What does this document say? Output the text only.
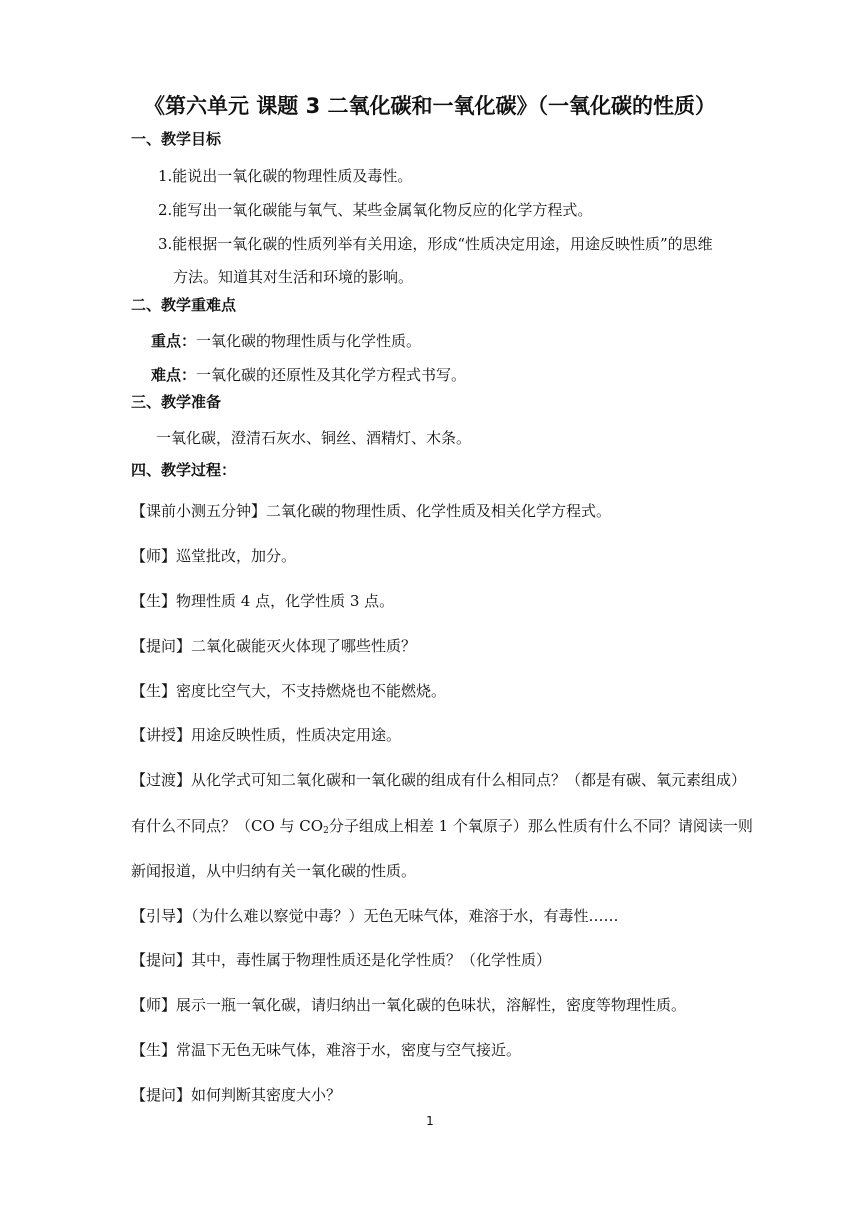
《第六单元 课题 3 二氧化碳和一氧化碳》（一氧化碳的性质）
一、教学目标
1.能说出一氧化碳的物理性质及毒性。
2.能写出一氧化碳能与氧气、某些金属氧化物反应的化学方程式。
3.能根据一氧化碳的性质列举有关用途，形成“性质决定用途，用途反映性质”的思维
方法。知道其对生活和环境的影响。
二、教学重难点
重点：一氧化碳的物理性质与化学性质。
难点：一氧化碳的还原性及其化学方程式书写。
三、教学准备
一氧化碳，澄清石灰水、铜丝、酒精灯、木条。
四、教学过程：
【课前小测五分钟】二氧化碳的物理性质、化学性质及相关化学方程式。
【师】巡堂批改，加分。
【生】物理性质 4 点，化学性质 3 点。
【提问】二氧化碳能灭火体现了哪些性质？
【生】密度比空气大，不支持燃烧也不能燃烧。
【讲授】用途反映性质，性质决定用途。
【过渡】从化学式可知二氧化碳和一氧化碳的组成有什么相同点？（都是有碳、氧元素组成）
有什么不同点？（CO 与 $CO_2$分子组成上相差 1 个氧原子）那么性质有什么不同？请阅读一则
新闻报道，从中归纳有关一氧化碳的性质。
【引导】（为什么难以察觉中毒？）无色无味气体，难溶于水，有毒性……
【提问】其中，毒性属于物理性质还是化学性质？（化学性质）
【师】展示一瓶一氧化碳，请归纳出一氧化碳的色味状，溶解性，密度等物理性质。
【生】常温下无色无味气体，难溶于水，密度与空气接近。
【提问】如何判断其密度大小？
1
